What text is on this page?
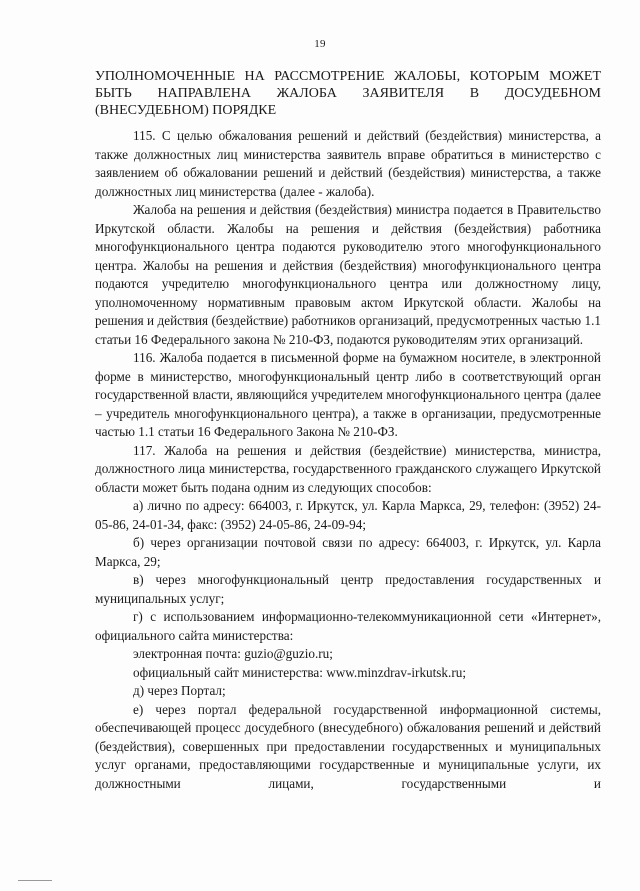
19
УПОЛНОМОЧЕННЫЕ НА РАССМОТРЕНИЕ ЖАЛОБЫ, КОТОРЫМ МОЖЕТ БЫТЬ НАПРАВЛЕНА ЖАЛОБА ЗАЯВИТЕЛЯ В ДОСУДЕБНОМ (ВНЕСУДЕБНОМ) ПОРЯДКЕ

115. С целью обжалования решений и действий (бездействия) министерства, а также должностных лиц министерства заявитель вправе обратиться в министерство с заявлением об обжаловании решений и действий (бездействия) министерства, а также должностных лиц министерства (далее - жалоба).

Жалоба на решения и действия (бездействия) министра подается в Правительство Иркутской области. Жалобы на решения и действия (бездействия) работника многофункционального центра подаются руководителю этого многофункционального центра. Жалобы на решения и действия (бездействия) многофункционального центра подаются учредителю многофункционального центра или должностному лицу, уполномоченному нормативным правовым актом Иркутской области. Жалобы на решения и действия (бездействие) работников организаций, предусмотренных частью 1.1 статьи 16 Федерального закона № 210-ФЗ, подаются руководителям этих организаций.

116. Жалоба подается в письменной форме на бумажном носителе, в электронной форме в министерство, многофункциональный центр либо в соответствующий орган государственной власти, являющийся учредителем многофункционального центра (далее – учредитель многофункционального центра), а также в организации, предусмотренные частью 1.1 статьи 16 Федерального Закона № 210-ФЗ.

117. Жалоба на решения и действия (бездействие) министерства, министра, должностного лица министерства, государственного гражданского служащего Иркутской области может быть подана одним из следующих способов:

а) лично по адресу: 664003, г. Иркутск, ул. Карла Маркса, 29, телефон: (3952) 24-05-86, 24-01-34, факс: (3952) 24-05-86, 24-09-94;

б) через организации почтовой связи по адресу: 664003, г. Иркутск, ул. Карла Маркса, 29;

в) через многофункциональный центр предоставления государственных и муниципальных услуг;

г) с использованием информационно-телекоммуникационной сети «Интернет», официального сайта министерства:

электронная почта: guzio@guzio.ru;

официальный сайт министерства: www.minzdrav-irkutsk.ru;

д) через Портал;

е) через портал федеральной государственной информационной системы, обеспечивающей процесс досудебного (внесудебного) обжалования решений и действий (бездействия), совершенных при предоставлении государственных и муниципальных услуг органами, предоставляющими государственные и муниципальные услуги, их должностными лицами, государственными и
